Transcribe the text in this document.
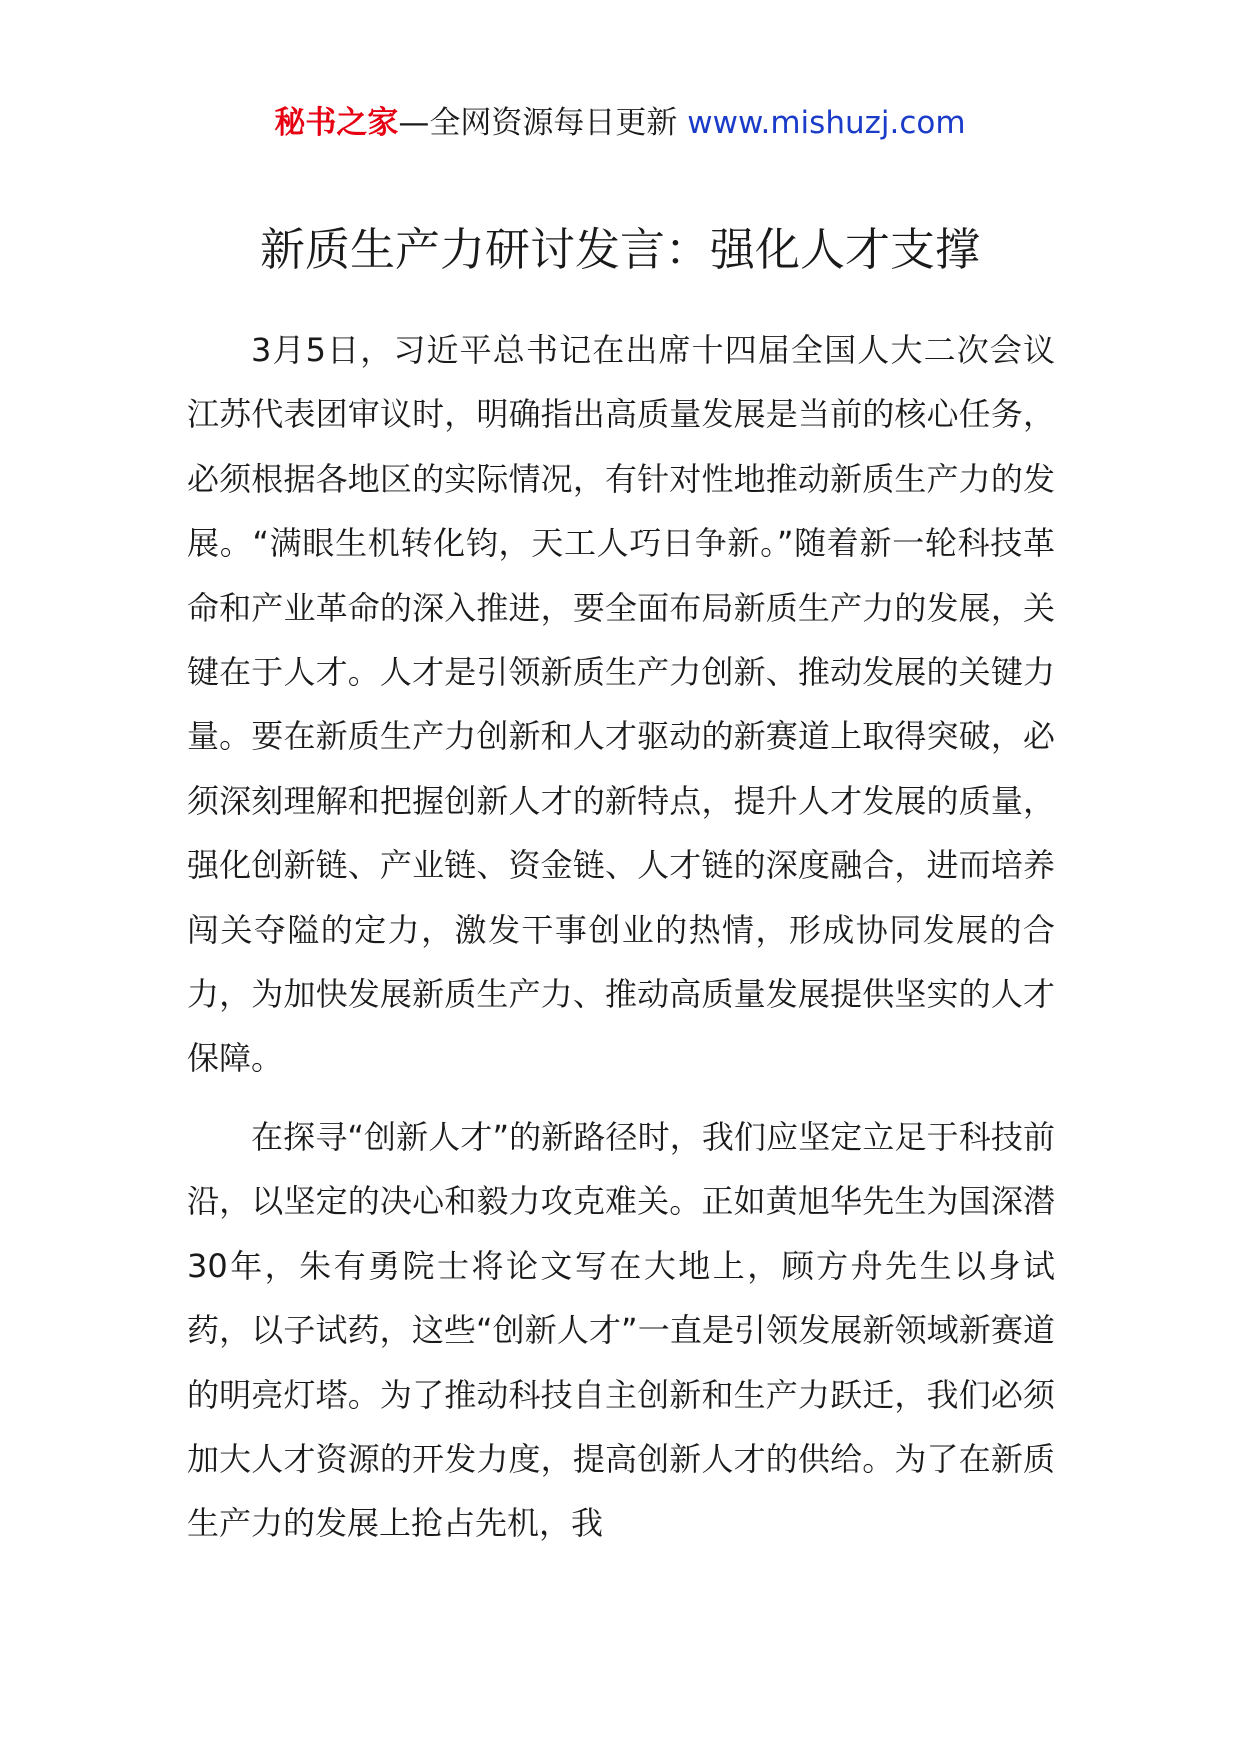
秘书之家—全网资源每日更新 www.mishuzj.com
新质生产力研讨发言：强化人才支撑

3月5日，习近平总书记在出席十四届全国人大二次会议江苏代表团审议时，明确指出高质量发展是当前的核心任务，必须根据各地区的实际情况，有针对性地推动新质生产力的发展。“满眼生机转化钧，天工人巧日争新。”随着新一轮科技革命和产业革命的深入推进，要全面布局新质生产力的发展，关键在于人才。人才是引领新质生产力创新、推动发展的关键力量。要在新质生产力创新和人才驱动的新赛道上取得突破，必须深刻理解和把握创新人才的新特点，提升人才发展的质量，强化创新链、产业链、资金链、人才链的深度融合，进而培养闯关夺隘的定力，激发干事创业的热情，形成协同发展的合力，为加快发展新质生产力、推动高质量发展提供坚实的人才保障。

在探寻“创新人才”的新路径时，我们应坚定立足于科技前沿，以坚定的决心和毅力攻克难关。正如黄旭华先生为国深潜30年，朱有勇院士将论文写在大地上，顾方舟先生以身试药，以子试药，这些“创新人才”一直是引领发展新领域新赛道的明亮灯塔。为了推动科技自主创新和生产力跃迁，我们必须加大人才资源的开发力度，提高创新人才的供给。为了在新质生产力的发展上抢占先机，我
